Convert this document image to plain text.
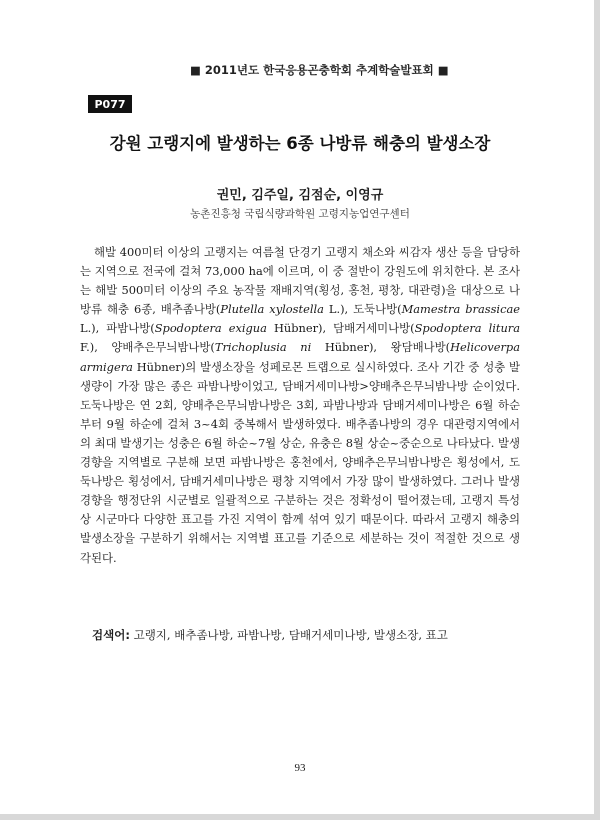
■ 2011년도 한국응용곤충학회 추계학술발표회 ■
P077
강원 고랭지에 발생하는 6종 나방류 해충의 발생소장
권민, 김주일, 김점순, 이영규
농촌진흥청 국립식량과학원 고령지농업연구센터

해발 400미터 이상의 고랭지는 여름철 단경기 고랭지 채소와 씨감자 생산 등을 담당하는 지역으로 전국에 걸쳐 73,000 ha에 이르며, 이 중 절반이 강원도에 위치한다. 본 조사는 해발 500미터 이상의 주요 농작물 재배지역(횡성, 홍천, 평창, 대관령)을 대상으로 나방류 해충 6종, 배추좀나방(Plutella xylostella L.), 도둑나방(Mamestra brassicae L.), 파밤나방(Spodoptera exigua Hübner), 담배거세미나방(Spodoptera litura F.), 양배추은무늬밤나방(Trichoplusia ni Hübner), 왕담배나방(Helicoverpa armigera Hübner)의 발생소장을 성페로몬 트랩으로 실시하였다. 조사 기간 중 성충 발생량이 가장 많은 종은 파밤나방이었고, 담배거세미나방>양배추은무늬밤나방 순이었다. 도둑나방은 연 2회, 양배추은무늬밤나방은 3회, 파밤나방과 담배거세미나방은 6월 하순부터 9월 하순에 걸쳐 3~4회 중복해서 발생하였다. 배추좀나방의 경우 대관령지역에서의 최대 발생기는 성충은 6월 하순~7월 상순, 유충은 8월 상순~중순으로 나타났다. 발생 경향을 지역별로 구분해 보면 파밤나방은 홍천에서, 양배추은무늬밤나방은 횡성에서, 도둑나방은 횡성에서, 담배거세미나방은 평창 지역에서 가장 많이 발생하였다. 그러나 발생경향을 행정단위 시군별로 일괄적으로 구분하는 것은 정확성이 떨어졌는데, 고랭지 특성상 시군마다 다양한 표고를 가진 지역이 함께 섞여 있기 때문이다. 따라서 고랭지 해충의 발생소장을 구분하기 위해서는 지역별 표고를 기준으로 세분하는 것이 적절한 것으로 생각된다.

검색어: 고랭지, 배추좀나방, 파밤나방, 담배거세미나방, 발생소장, 표고
93
